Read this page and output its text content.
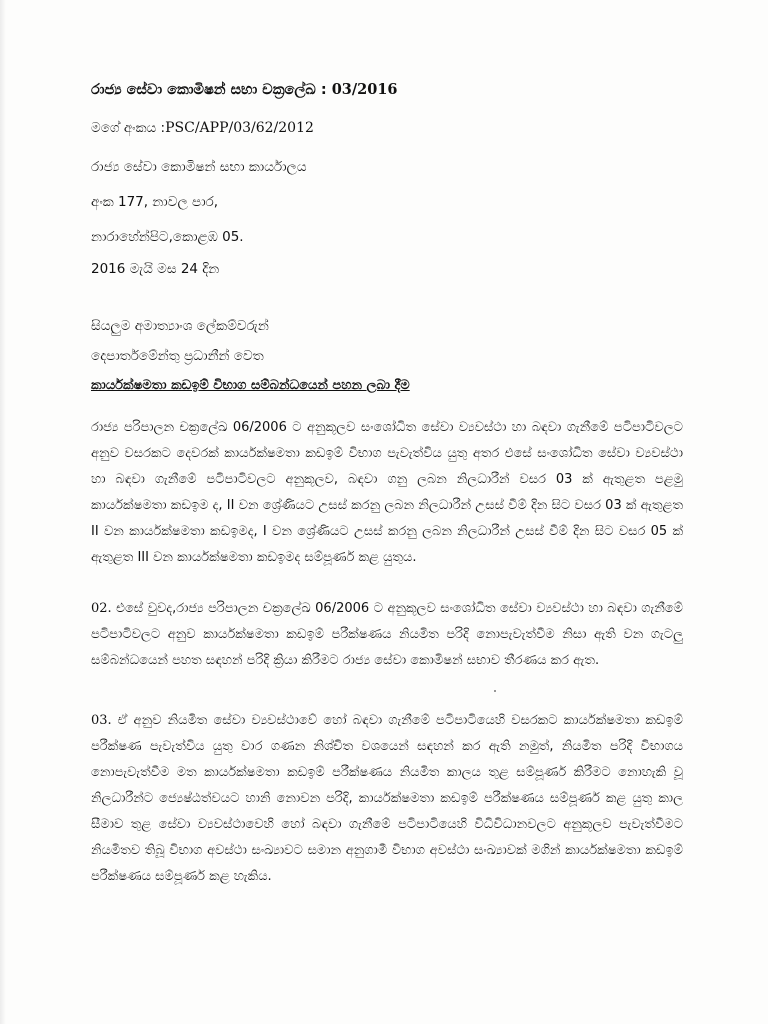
රාජ්‍ය සේවා කොමිෂන් සභා චක්‍රලේඛ : 03/2016
මගේ අංකය :PSC/APP/03/62/2012
රාජ්‍ය සේවා කොමිෂන් සභා කාර්යාලය
අංක 177, නාවල පාර,
නාරාහේන්පිට,කොළඹ 05.
2016 මැයි මස 24 දින
සියලුම අමාත්‍යාංශ ලේකම්වරුන්
දෙපාර්තමේන්තු ප්‍රධානීන් වෙත
කාර්යක්ෂමතා කඩඉම් විභාග සම්බන්ධයෙන් පහන ලබා දීම
රාජ්‍ය පරිපාලන චක්‍රලේඛ 06/2006 ට අනුකූලව සංශෝධිත සේවා ව්‍යවස්ථා හා බඳවා ගැනීමේ පටිපාටිවලට අනුව වසරකට දෙවරක් කාර්යක්ෂමතා කඩඉම් විභාග පැවැත්විය යුතු අතර එසේ සංශෝධිත සේවා ව්‍යවස්ථා හා බඳවා ගැනීමේ පටිපාටිවලට අනුකූලව, බඳවා ගනු ලබන නිලධාරීන් වසර 03 ක් ඇතුළත පළමු කාර්යක්ෂමතා කඩඉම ද, II වන ශ්‍රේණියට උසස් කරනු ලබන නිලධාරීන් උසස් වීම් දින සිට වසර 03 ක් ඇතුළත II වන කාර්යක්ෂමතා කඩඉමද, I වන ශ්‍රේණියට උසස් කරනු ලබන නිලධාරීන් උසස් වීම් දින සිට වසර 05 ක් ඇතුළත III වන කාර්යක්ෂමතා කඩඉමද සම්පූර්ණ කළ යුතුය.
02. එසේ වුවද,රාජ්‍ය පරිපාලන චක්‍රලේඛ 06/2006 ට අනුකූලව සංශෝධිත සේවා ව්‍යවස්ථා හා බඳවා ගැනීමේ පටිපාටිවලට අනුව කාර්යක්ෂමතා කඩඉම් පරීක්ෂණය නියමිත පරිදි නොපැවැත්වීම නිසා ඇති වන ගැටලු සම්බන්ධයෙන් පහත සඳහන් පරිදි ක්‍රියා කිරීමට රාජ්‍ය සේවා කොමිෂන් සභාව තීරණය කර ඇත.
03. ඒ අනුව නියමිත සේවා ව්‍යවස්ථාවේ හෝ බඳවා ගැනීමේ පටිපාටියෙහි වසරකට කාර්යක්ෂමතා කඩඉම් පරීක්ෂණ පැවැත්විය යුතු වාර ගණන නිශ්චිත වශයෙන් සඳහන් කර ඇති නමුත්, නියමිත පරිදි විභාගය නොපැවැත්වීම මත කාර්යක්ෂමතා කඩඉම් පරීක්ෂණය නියමිත කාලය තුළ සම්පූර්ණ කිරීමට නොහැකි වූ නිලධාරීන්ට ජ්‍යෙෂ්ඨත්වයට හානි නොවන පරිදි, කාර්යක්ෂමතා කඩඉම් පරීක්ෂණය සම්පූර්ණ කළ යුතු කාල සීමාව තුළ සේවා ව්‍යවස්ථාවෙහි හෝ බඳවා ගැනීමේ පටිපාටියෙහි විධිවිධානවලට අනුකූලව පැවැත්වීමට නියමිතව තිබූ විභාග අවස්ථා සංඛ්‍යාවට සමාන අනුගාමී විභාග අවස්ථා සංඛ්‍යාවක් මගින් කාර්යක්ෂමතා කඩඉම් පරීක්ෂණය සම්පූර්ණ කළ හැකිය.
